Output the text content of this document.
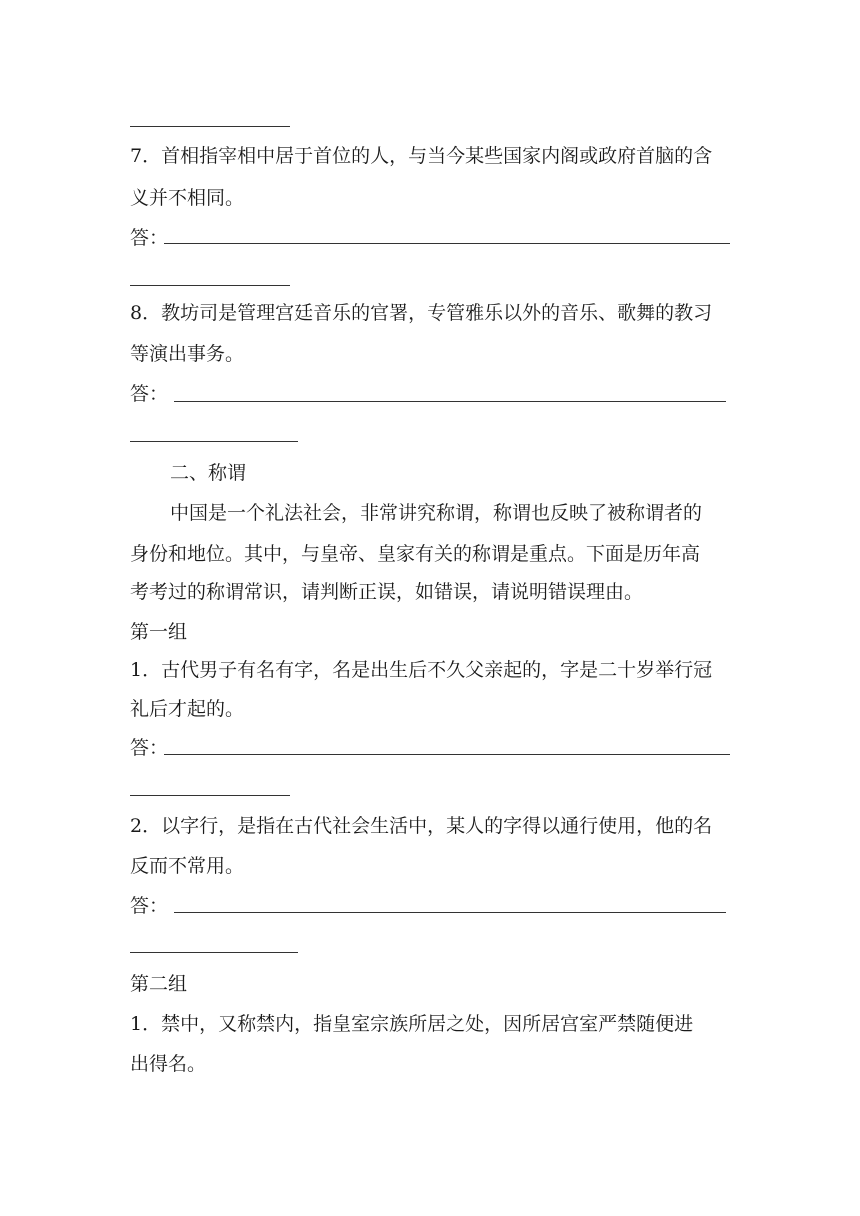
7．首相指宰相中居于首位的人，与当今某些国家内阁或政府首脑的含
义并不相同。
答：
8．教坊司是管理宫廷音乐的官署，专管雅乐以外的音乐、歌舞的教习
等演出事务。
答：
二、称谓
中国是一个礼法社会，非常讲究称谓，称谓也反映了被称谓者的
身份和地位。其中，与皇帝、皇家有关的称谓是重点。下面是历年高
考考过的称谓常识，请判断正误，如错误，请说明错误理由。
第一组
1．古代男子有名有字，名是出生后不久父亲起的，字是二十岁举行冠
礼后才起的。
答：
2．以字行，是指在古代社会生活中，某人的字得以通行使用，他的名
反而不常用。
答：
第二组
1．禁中，又称禁内，指皇室宗族所居之处，因所居宫室严禁随便进
出得名。
